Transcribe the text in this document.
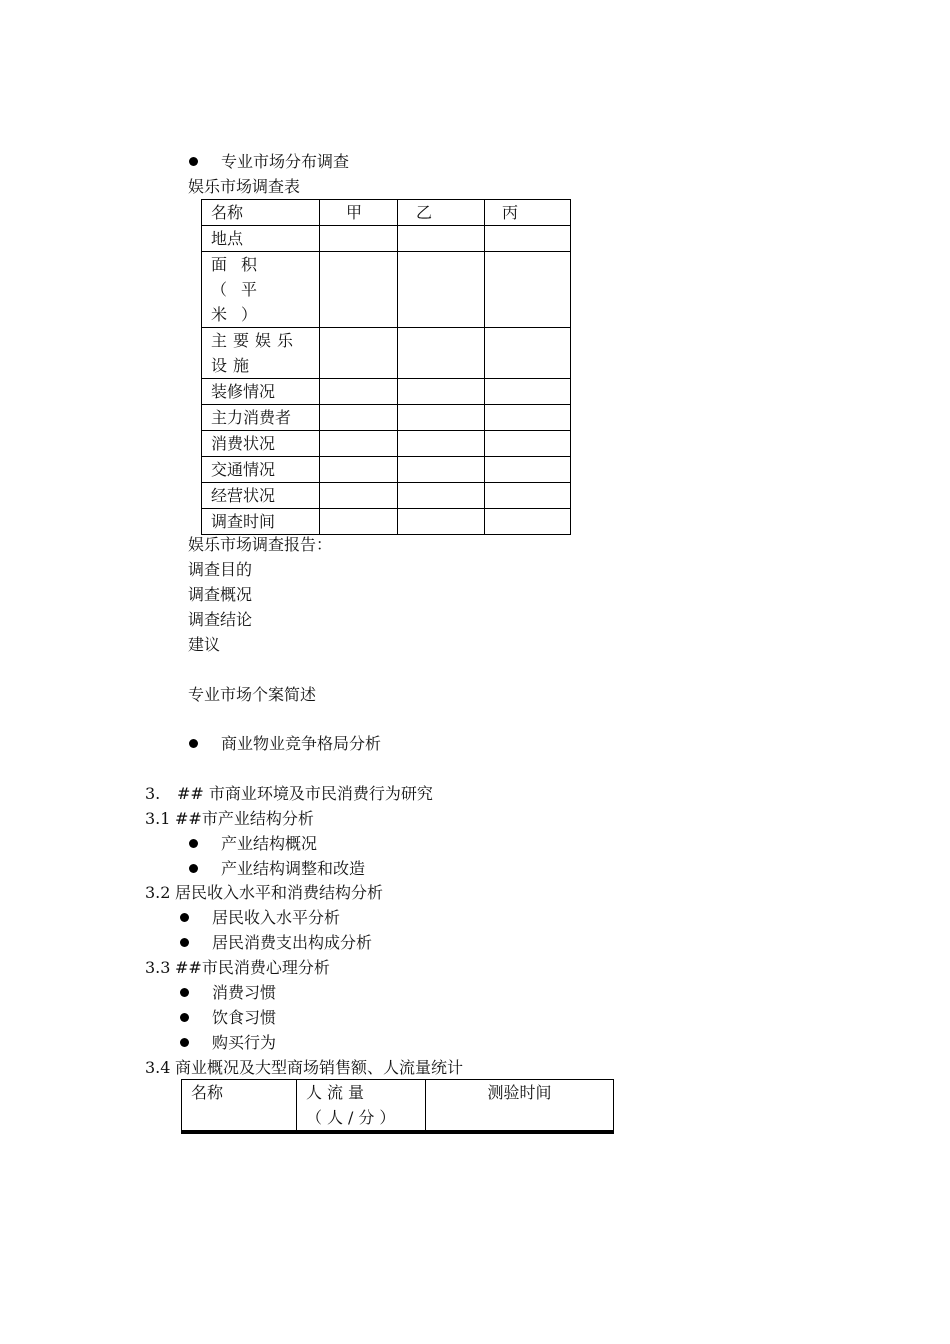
专业市场分布调查
娱乐市场调查表
名称	甲	乙	丙
地点			
面积（平米）			
主要娱乐设施			
装修情况			
主力消费者			
消费状况			
交通情况			
经营状况			
调查时间			
娱乐市场调查报告：
调查目的
调查概况
调查结论
建议
专业市场个案简述
商业物业竞争格局分析
3. ## 市商业环境及市民消费行为研究
3.1 ##市产业结构分析
产业结构概况
产业结构调整和改造
3.2 居民收入水平和消费结构分析
居民收入水平分析
居民消费支出构成分析
3.3 ##市民消费心理分析
消费习惯
饮食习惯
购买行为
3.4 商业概况及大型商场销售额、人流量统计
名称	人流量（人/分）	测验时间
